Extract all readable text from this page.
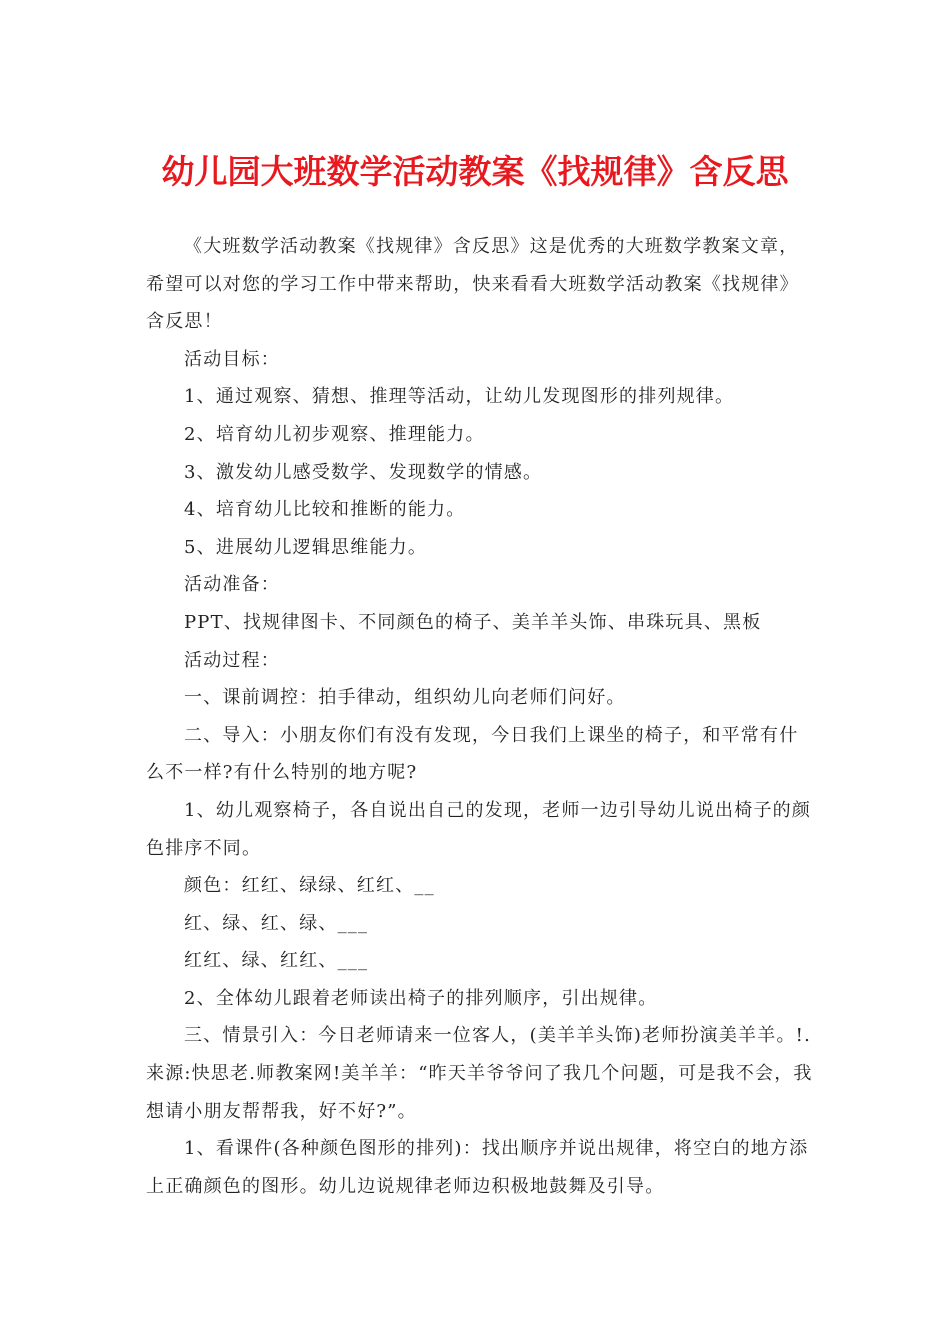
幼儿园大班数学活动教案《找规律》含反思

《大班数学活动教案《找规律》含反思》这是优秀的大班数学教案文章，希望可以对您的学习工作中带来帮助，快来看看大班数学活动教案《找规律》含反思！

活动目标：

1、通过观察、猜想、推理等活动，让幼儿发现图形的排列规律。

2、培育幼儿初步观察、推理能力。

3、激发幼儿感受数学、发现数学的情感。

4、培育幼儿比较和推断的能力。

5、进展幼儿逻辑思维能力。

活动准备：

PPT、找规律图卡、不同颜色的椅子、美羊羊头饰、串珠玩具、黑板

活动过程：

一、课前调控：拍手律动，组织幼儿向老师们问好。

二、导入：小朋友你们有没有发现，今日我们上课坐的椅子，和平常有什么不一样?有什么特别的地方呢?

1、幼儿观察椅子，各自说出自己的发现，老师一边引导幼儿说出椅子的颜色排序不同。

颜色：红红、绿绿、红红、__

红、绿、红、绿、___

红红、绿、红红、___

2、全体幼儿跟着老师读出椅子的排列顺序，引出规律。

三、情景引入：今日老师请来一位客人，(美羊羊头饰)老师扮演美羊羊。!.来源:快思老.师教案网!美羊羊：“昨天羊爷爷问了我几个问题，可是我不会，我想请小朋友帮帮我，好不好?”。

1、看课件(各种颜色图形的排列)：找出顺序并说出规律，将空白的地方添上正确颜色的图形。幼儿边说规律老师边积极地鼓舞及引导。
